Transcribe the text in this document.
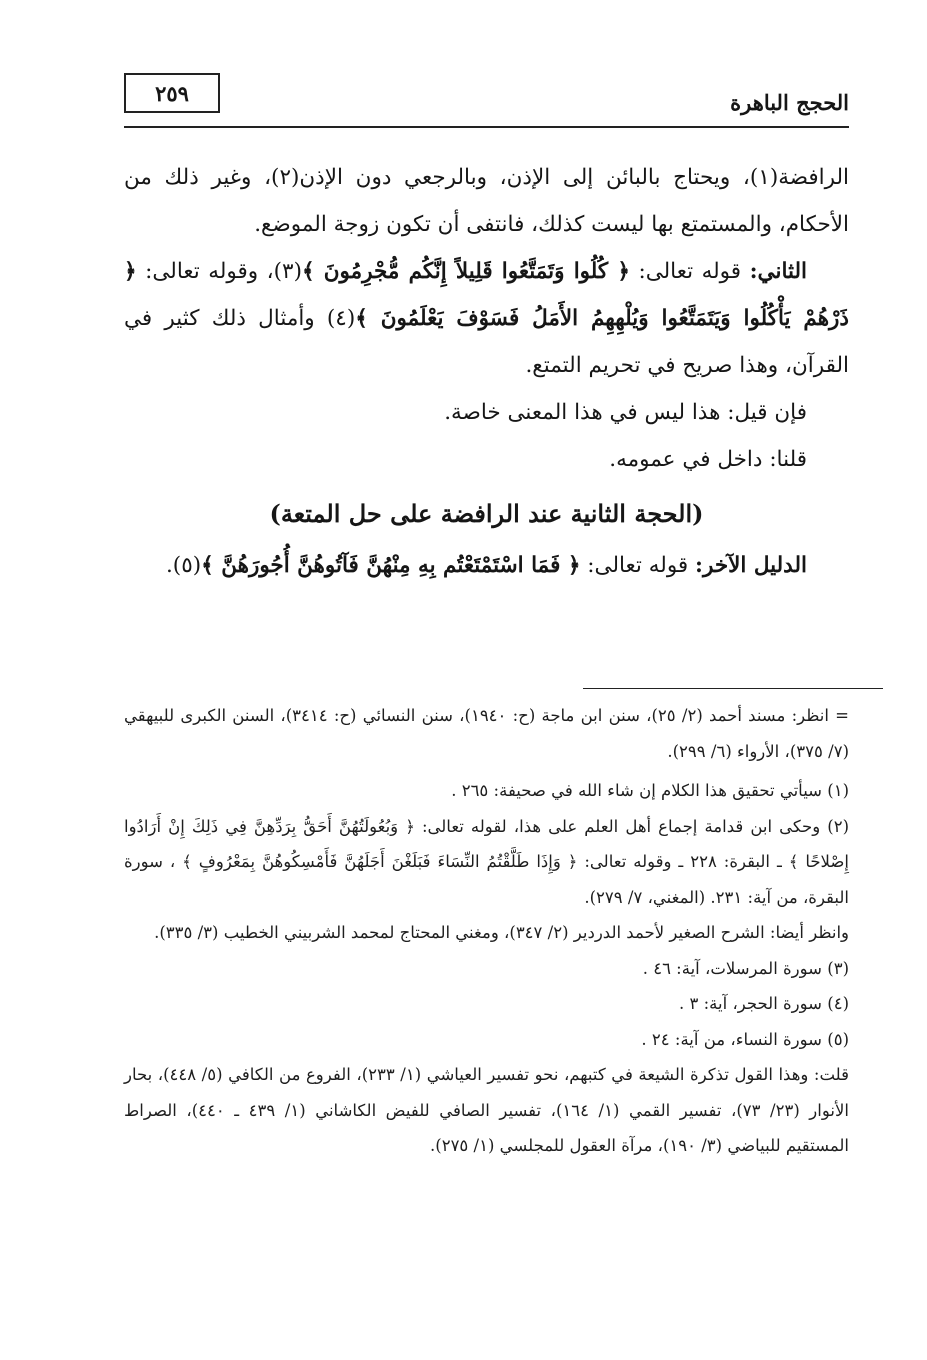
الحجج الباهرة
٢٥٩

الرافضة(١)، ويحتاج بالبائن إلى الإذن، وبالرجعي دون الإذن(٢)، وغير ذلك من الأحكام، والمستمتع بها ليست كذلك، فانتفى أن تكون زوجة الموضع.

الثاني: قوله تعالى: ﴿ كُلُوا وَتَمَتَّعُوا قَلِيلاً إِنَّكُم مُّجْرِمُونَ ﴾(٣)، وقوله تعالى: ﴿ ذَرْهُمْ يَأْكُلُوا وَيَتَمَتَّعُوا وَيُلْهِهِمُ الأَمَلُ فَسَوْفَ يَعْلَمُونَ ﴾(٤) وأمثال ذلك كثير في القرآن، وهذا صريح في تحريم التمتع.

فإن قيل: هذا ليس في هذا المعنى خاصة.

قلنا: داخل في عمومه.

(الحجة الثانية عند الرافضة على حل المتعة)

الدليل الآخر: قوله تعالى: ﴿ فَمَا اسْتَمْتَعْتُم بِهِ مِنْهُنَّ فَآتُوهُنَّ أُجُورَهُنَّ ﴾(٥).

= انظر: مسند أحمد (٢/ ٢٥)، سنن ابن ماجة (ح: ١٩٤٠)، سنن النسائي (ح: ٣٤١٤)، السنن الكبرى للبيهقي (٧/ ٣٧٥)، الأرواء (٦/ ٢٩٩).

(١) سيأتي تحقيق هذا الكلام إن شاء الله في صحيفة: ٢٦٥ .

(٢) وحكى ابن قدامة إجماع أهل العلم على هذا، لقوله تعالى: ﴿ وَبُعُولَتُهُنَّ أَحَقُّ بِرَدِّهِنَّ فِي ذَلِكَ إِنْ أَرَادُوا إِصْلاحًا ﴾ ـ البقرة: ٢٢٨ ـ وقوله تعالى: ﴿ وَإِذَا طَلَّقْتُمُ النِّسَاءَ فَبَلَغْنَ أَجَلَهُنَّ فَأَمْسِكُوهُنَّ بِمَعْرُوفٍ ﴾ ، سورة البقرة، من آية: ٢٣١. (المغني، ٧/ ٢٧٩).

وانظر أيضا: الشرح الصغير لأحمد الدردير (٢/ ٣٤٧)، ومغني المحتاج لمحمد الشربيني الخطيب (٣/ ٣٣٥).

(٣) سورة المرسلات، آية: ٤٦ .

(٤) سورة الحجر، آية: ٣ .

(٥) سورة النساء، من آية: ٢٤ .

قلت: وهذا القول تذكرة الشيعة في كتبهم، نحو تفسير العياشي (١/ ٢٣٣)، الفروع من الكافي (٥/ ٤٤٨)، بحار الأنوار (٢٣/ ٧٣)، تفسير القمي (١/ ١٦٤)، تفسير الصافي للفيض الكاشاني (١/ ٤٣٩ ـ ٤٤٠)، الصراط المستقيم للبياضي (٣/ ١٩٠)، مرآة العقول للمجلسي (١/ ٢٧٥).
